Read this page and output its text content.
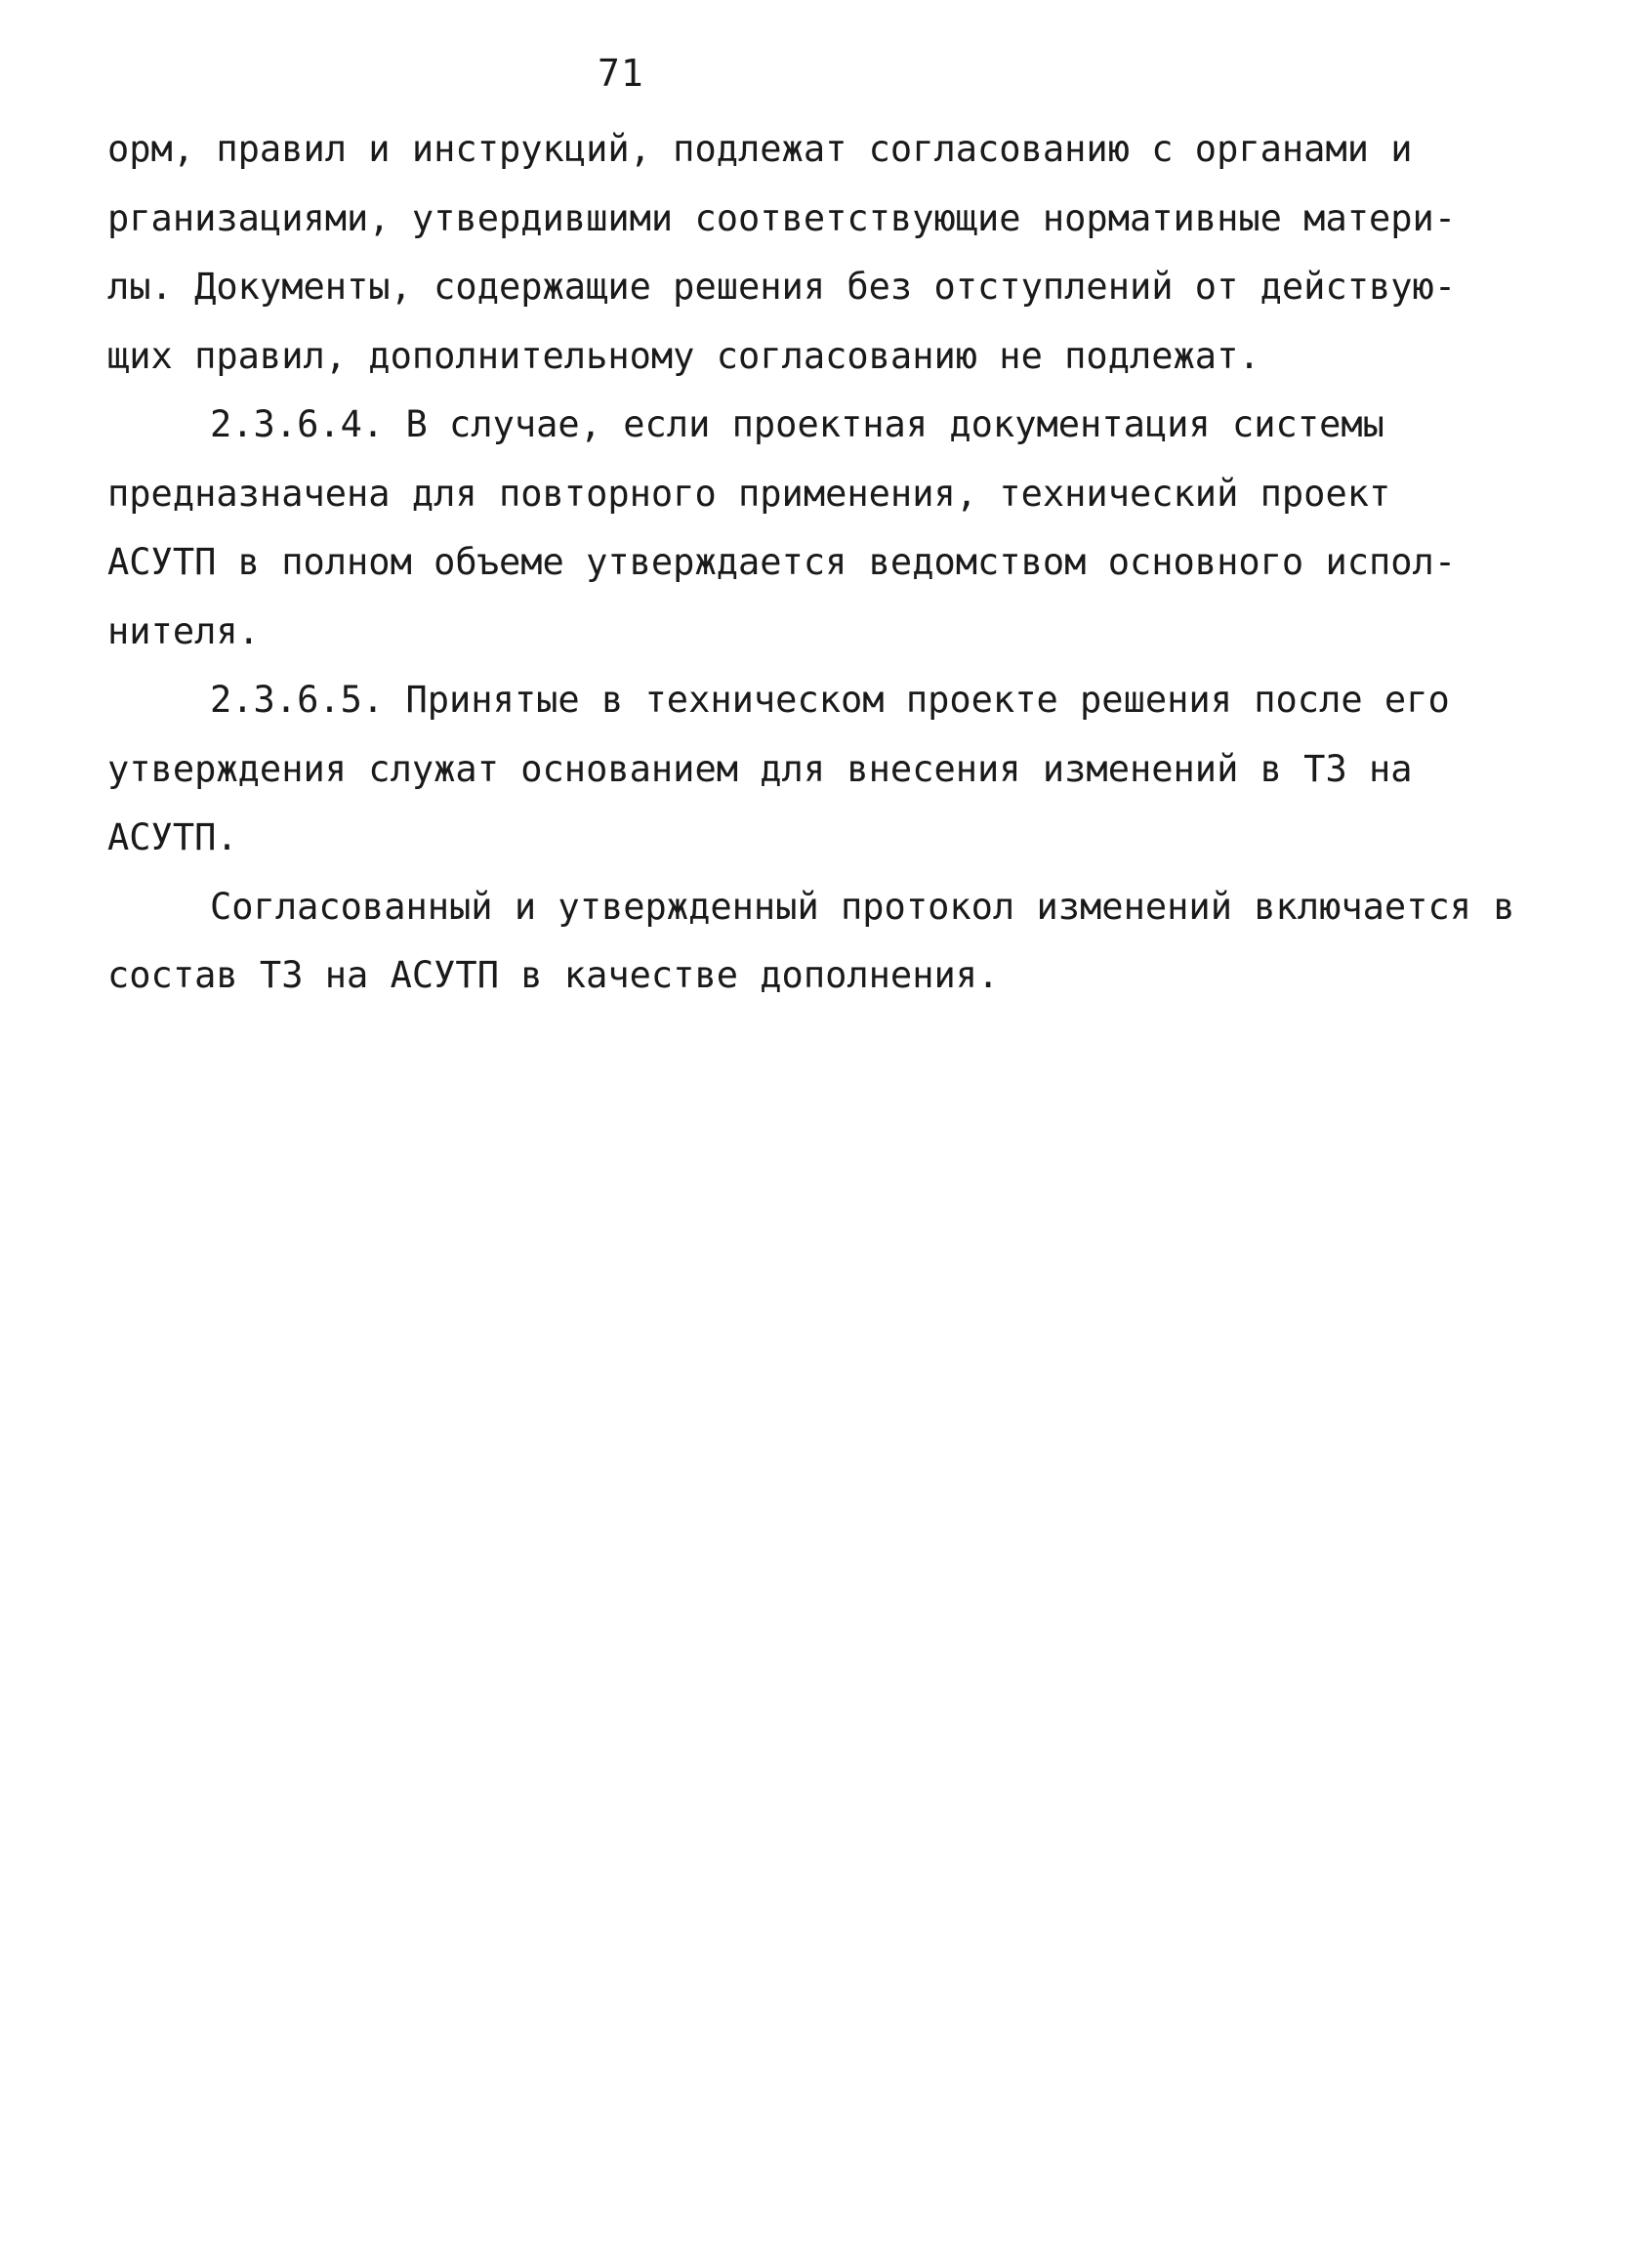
71
орм, правил и инструкций, подлежат согласованию с органами и
рганизациями, утвердившими соответствующие нормативные матери-
лы. Документы, содержащие решения без отступлений от действую-
щих правил, дополнительному согласованию не подлежат.
2.3.6.4. В случае, если проектная документация системы
предназначена для повторного применения, технический проект
АСУТП в полном объеме утверждается ведомством основного испол-
нителя.
2.3.6.5. Принятые в техническом проекте решения после его
утверждения служат основанием для внесения изменений в ТЗ на
АСУТП.
Согласованный и утвержденный протокол изменений включается в
состав ТЗ на АСУТП в качестве дополнения.
